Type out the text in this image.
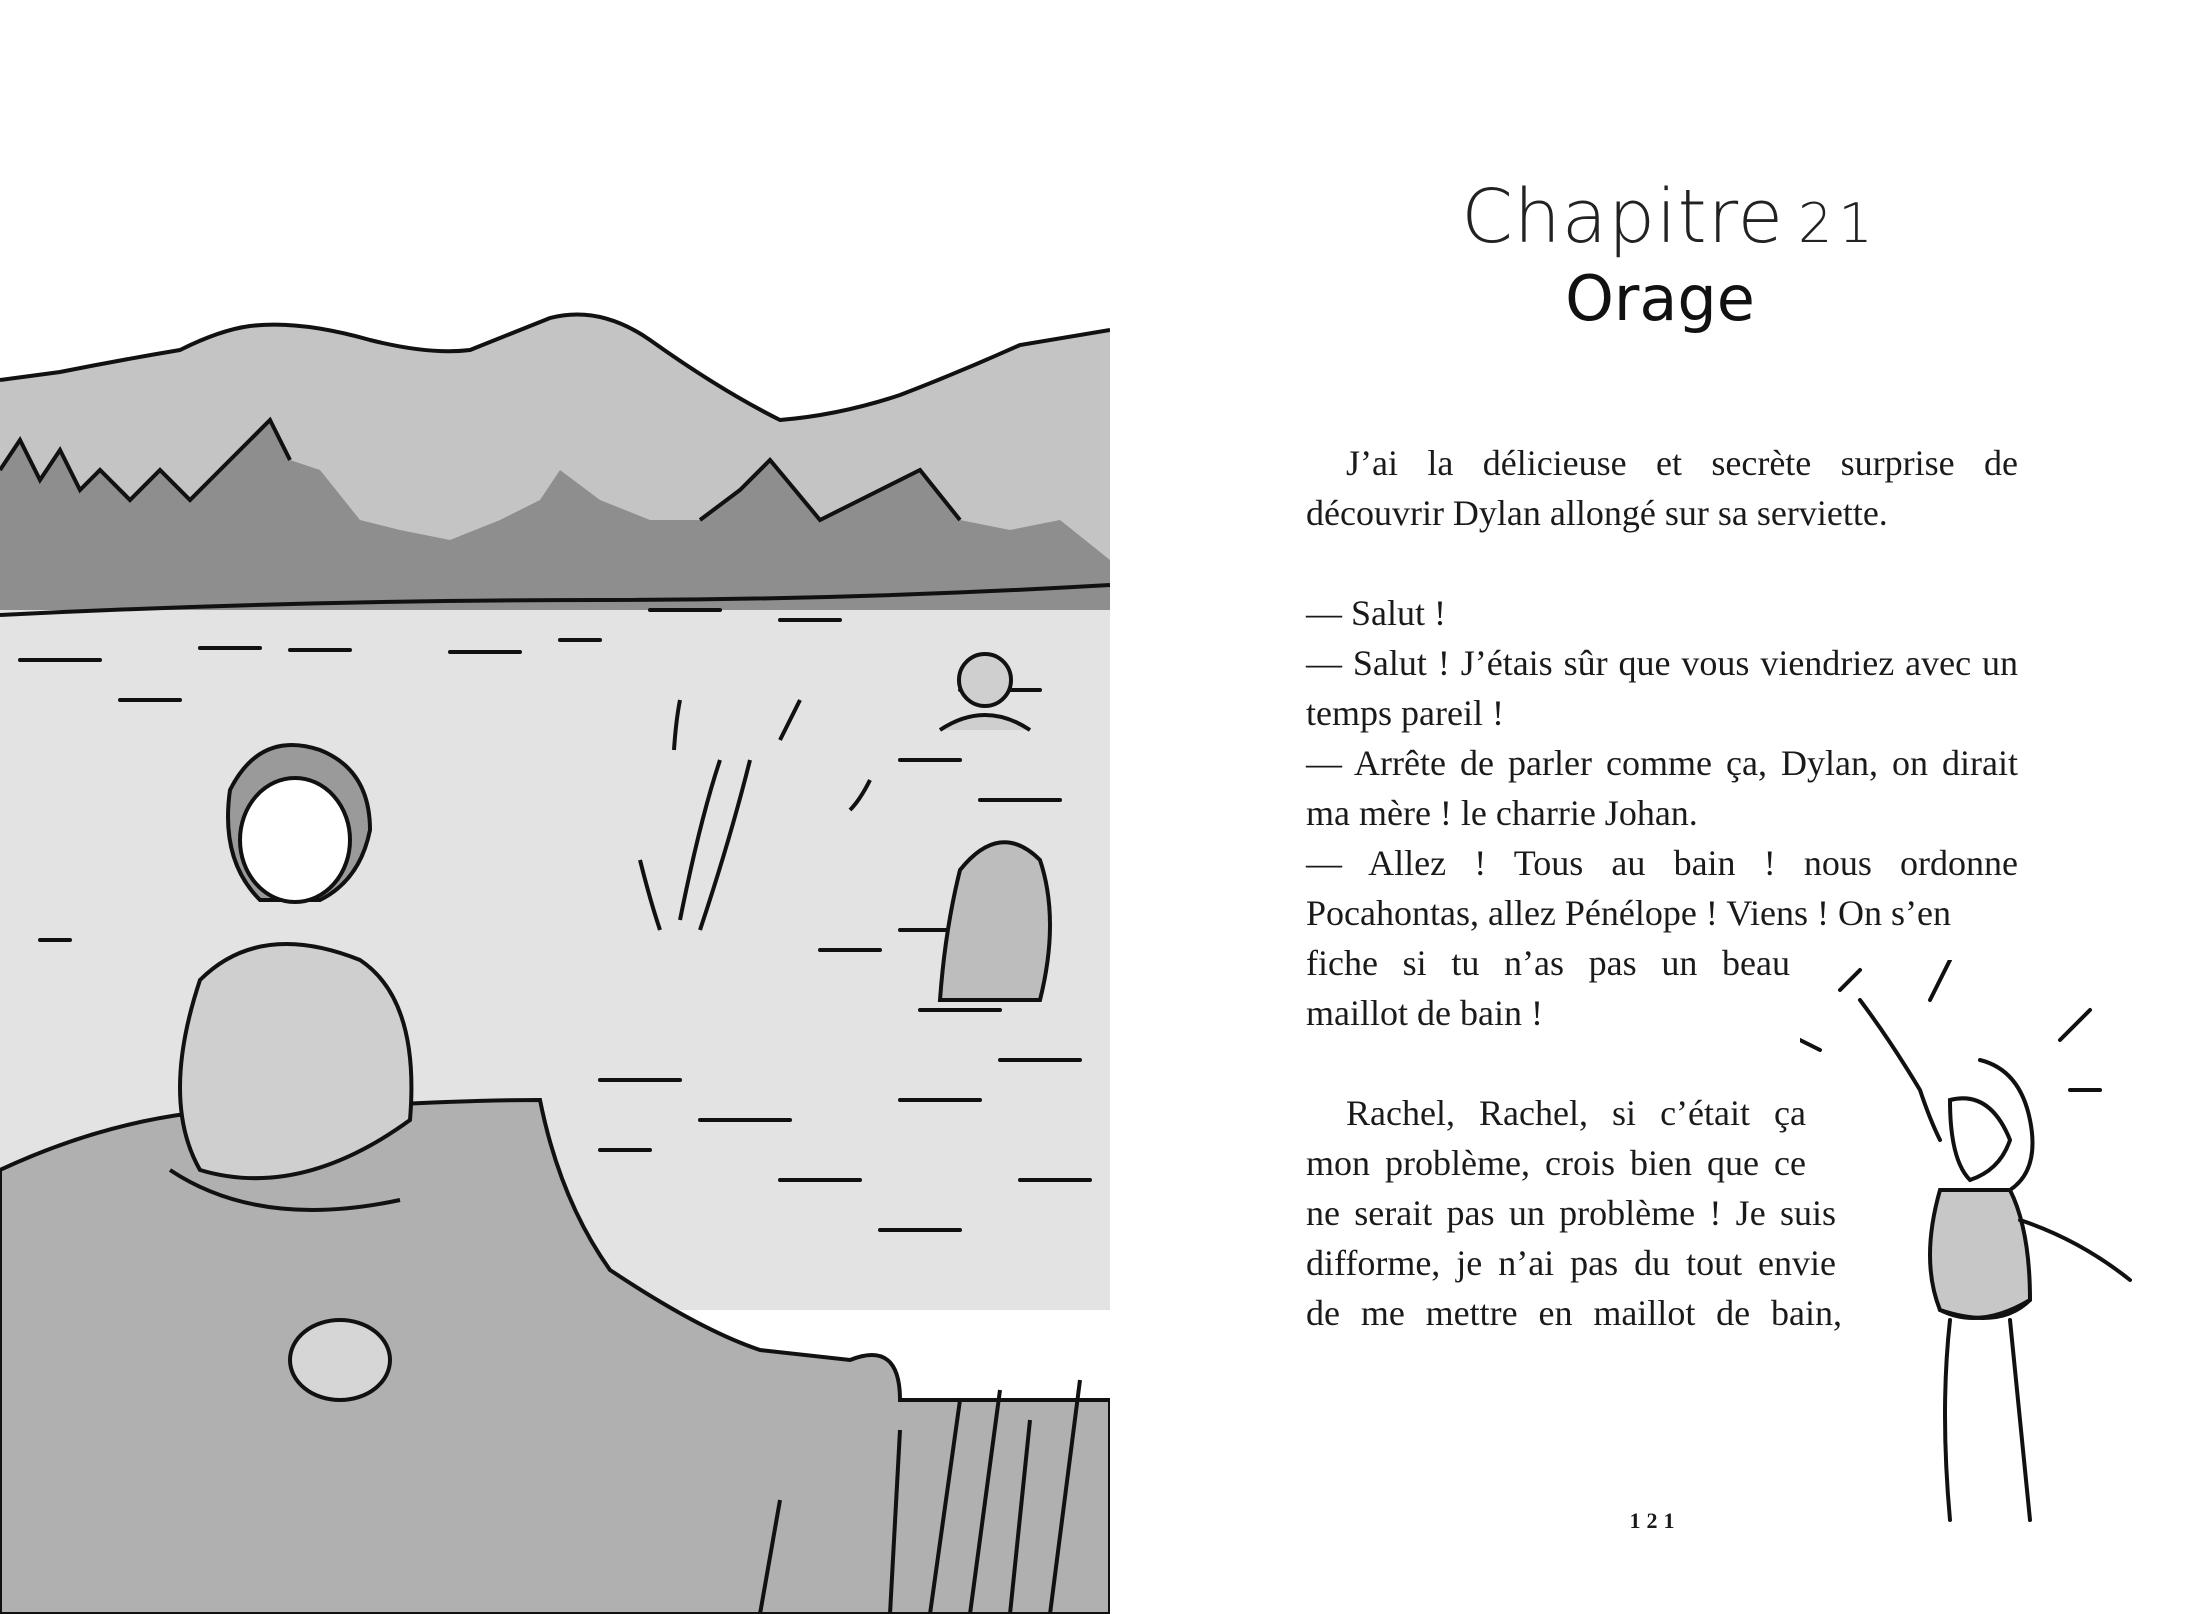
Chapitre 21
Orage

J’ai la délicieuse et secrète surprise de découvrir Dylan allongé sur sa serviette.

— Salut !

— Salut ! J’étais sûr que vous viendriez avec un temps pareil !

— Arrête de parler comme ça, Dylan, on dirait ma mère ! le charrie Johan.

— Allez ! Tous au bain ! nous ordonne Pocahontas, allez Pénélope ! Viens ! On s’en

fiche si tu n’as pas un beau

maillot de bain !

Rachel, Rachel, si c’était ça

mon problème, crois bien que ce

ne serait pas un problème ! Je suis

difforme, je n’ai pas du tout envie

de me mettre en maillot de bain,

121
